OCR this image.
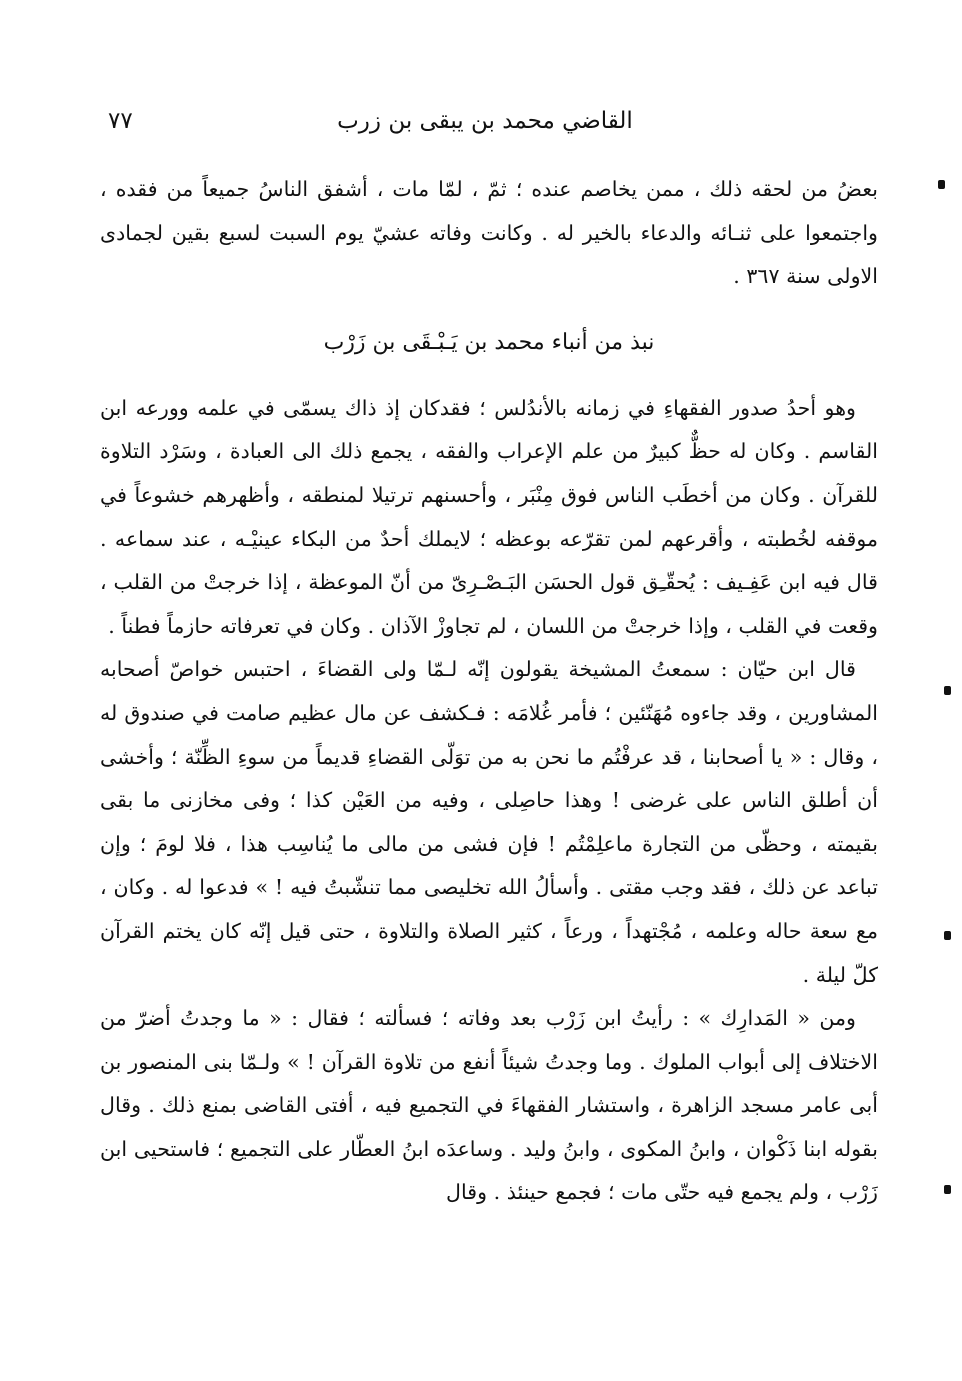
القاضي محمد بن يبقى بن زرب
٧٧

بعضُ من لحقه ذلك ، ممن يخاصم عنده ؛ ثمّ ، لمّا مات ، أشفق الناسُ جميعاً من فقده ، واجتمعوا على ثنـائه والدعاء بالخير له . وكانت وفاته عشيّ يوم السبت لسبع بقين لجمادى الاولى سنة ٣٦٧ .

نبذ من أنباء محمد بن يَـبْـقَى بن زَرْب

وهو أحدُ صدور الفقهاءِ في زمانه بالأندُلس ؛ فقدكان إذ ذاك يسمّى في علمه وورعه ابن القاسم . وكان له حظٌّ كبيرٌ من علم الإعراب والفقه ، يجمع ذلك الى العبادة ، وسَرْد التلاوة للقرآن . وكان من أخطَب الناس فوق مِنْبَر ، وأحسنهم ترتيلا لمنطقه ، وأظهرهم خشوعاً في موقفه لخُطبته ، وأقرعهم لمن تقرّعه بوعظه ؛ لايملك أحدٌ من البكاء عينيْـه ، عند سماعه . قال فيه ابن عَفِـيف : يُحقّـِق قول الحسَن البَـصْـرِىّ من أنّ الموعظة ، إذا خرجتْ من القلب ، وقعت في القلب ، وإذا خرجتْ من اللسان ، لم تجاوزْ الآذان . وكان في تعرفاته حازماً فطناً .

قال ابن حيّان : سمعتُ المشيخة يقولون إنّه لـمّا ولى القضاءَ ، احتبس خواصّ أصحابه المشاورين ، وقد جاءوه مُهَنّئين ؛ فأمر غُلامَه : فـكشف عن مال عظيم صامت في صندوق له ، وقال : « يا أصحابنا ، قد عرفْتُم ما نحن به من توَلّى القضاءِ قديماً من سوءِ الظِّنّة ؛ وأخشى أن أطلق الناس على غرضى ! وهذا حاصِلى ، وفيه من العَيْن كذا ؛ وفى مخازنى ما بقى بقيمته ، وحظّى من التجارة ماعلِمْتُم ! فإن فشى من مالى ما يُناسِب هذا ، فلا لومَ ؛ وإن تباعد عن ذلك ، فقد وجب مقتى . وأسألُ الله تخليصى مما تنشّبتُ فيه ! » فدعوا له . وكان ، مع سعة حاله وعلمه ، مُجْتهداً ، ورعاً ، كثير الصلاة والتلاوة ، حتى قيل إنّه كان يختم القرآن كلّ ليلة .

ومن « المَدارِك » : رأيتُ ابن زَرْب بعد وفاته ؛ فسألته ؛ فقال : « ما وجدتُ أضرّ من الاختلاف إلى أبواب الملوك . وما وجدتُ شيئاً أنفع من تلاوة القرآن ! » ولـمّا بنى المنصور بن أبى عامر مسجد الزاهرة ، واستشار الفقهاءَ في التجميع فيه ، أفتى القاضى بمنع ذلك . وقال بقوله ابنا ذَكْوان ، وابنُ المكوى ، وابنُ وليد . وساعدَه ابنُ العطّار على التجميع ؛ فاستحيى ابن زَرْب ، ولم يجمع فيه حتّى مات ؛ فجمع حينئذ . وقال
